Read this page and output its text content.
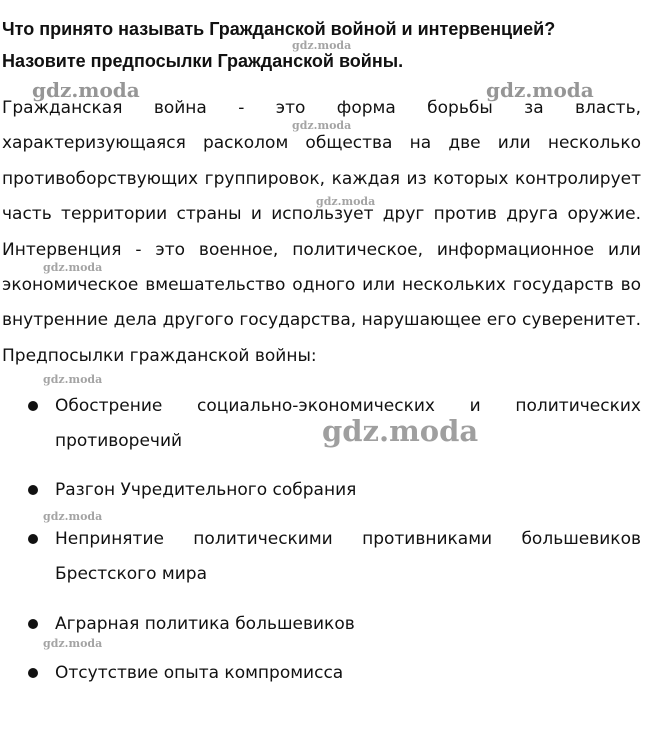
Что принято называть Гражданской войной и интервенцией?
Назовите предпосылки Гражданской войны.

Гражданская война - это форма борьбы за власть, характеризующаяся расколом общества на две или несколько противоборствующих группировок, каждая из которых контролирует часть территории страны и использует друг против друга оружие. Интервенция - это военное, политическое, информационное или экономическое вмешательство одного или нескольких государств во внутренние дела другого государства, нарушающее его суверенитет. Предпосылки гражданской войны:

Обострение социально-экономических и политических противоречий
Разгон Учредительного собрания
Непринятие политическими противниками большевиков Брестского мира
Аграрная политика большевиков
Отсутствие опыта компромисса
gdz.moda
gdz.moda	gdz.moda
gdz.moda
gdz.moda
gdz.moda
gdz.moda
gdz.moda
gdz.moda
gdz.moda
